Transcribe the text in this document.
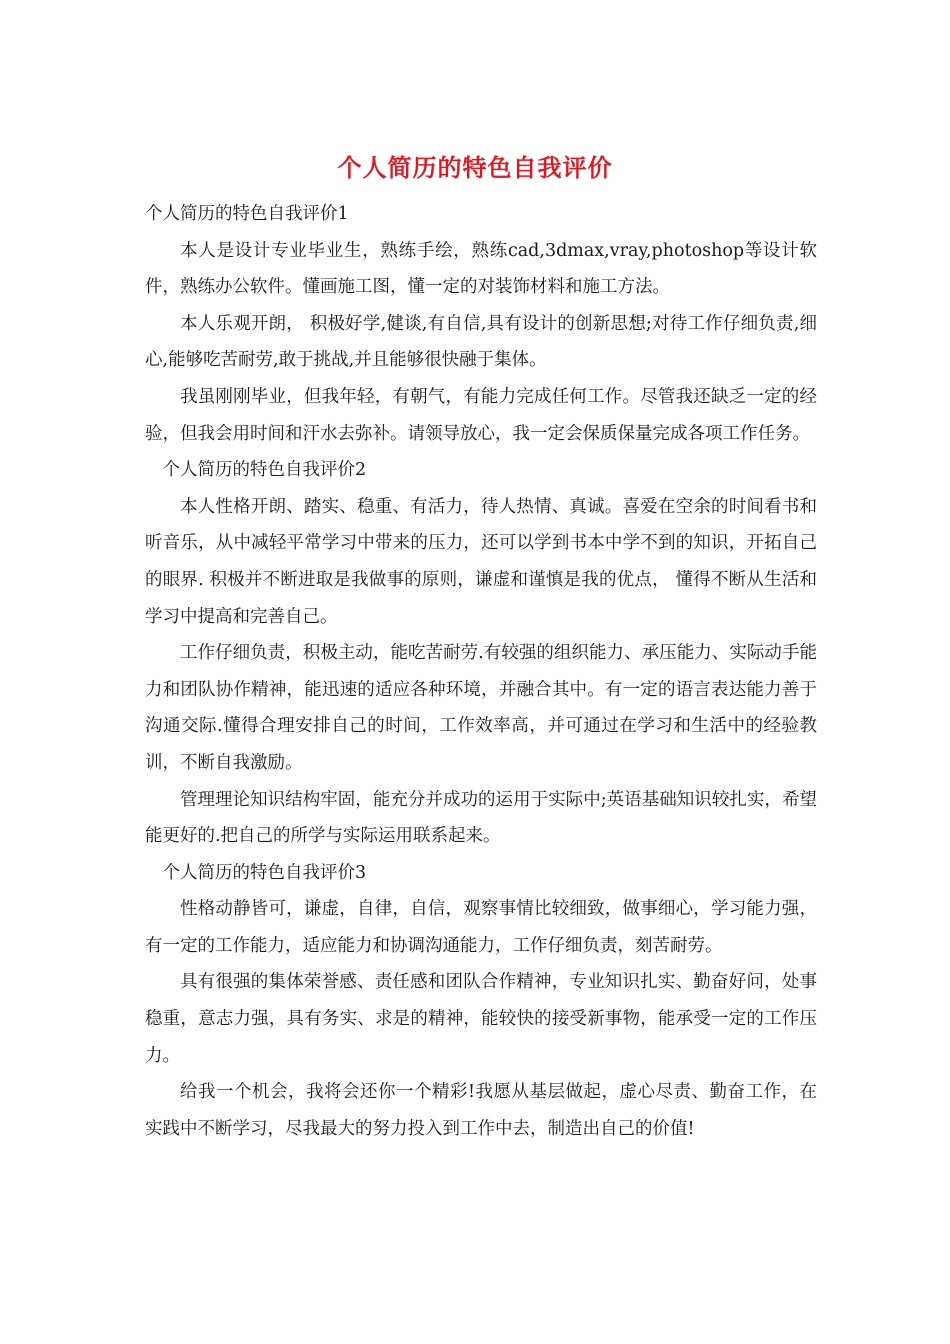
个人简历的特色自我评价

个人简历的特色自我评价1

本人是设计专业毕业生，熟练手绘，熟练cad,3dmax,vray,photoshop等设计软件，熟练办公软件。懂画施工图，懂一定的对装饰材料和施工方法。

本人乐观开朗， 积极好学,健谈,有自信,具有设计的创新思想;对待工作仔细负责,细心,能够吃苦耐劳,敢于挑战,并且能够很快融于集体。

我虽刚刚毕业，但我年轻，有朝气，有能力完成任何工作。尽管我还缺乏一定的经验，但我会用时间和汗水去弥补。请领导放心，我一定会保质保量完成各项工作任务。

个人简历的特色自我评价2

本人性格开朗、踏实、稳重、有活力，待人热情、真诚。喜爱在空余的时间看书和听音乐，从中减轻平常学习中带来的压力，还可以学到书本中学不到的知识，开拓自己的眼界. 积极并不断进取是我做事的原则，谦虚和谨慎是我的优点， 懂得不断从生活和学习中提高和完善自己。

工作仔细负责，积极主动，能吃苦耐劳.有较强的组织能力、承压能力、实际动手能力和团队协作精神，能迅速的适应各种环境，并融合其中。有一定的语言表达能力善于沟通交际.懂得合理安排自己的时间，工作效率高，并可通过在学习和生活中的经验教训，不断自我激励。

管理理论知识结构牢固，能充分并成功的运用于实际中;英语基础知识较扎实，希望能更好的.把自己的所学与实际运用联系起来。

个人简历的特色自我评价3

性格动静皆可，谦虚，自律，自信，观察事情比较细致，做事细心，学习能力强，有一定的工作能力，适应能力和协调沟通能力，工作仔细负责，刻苦耐劳。

具有很强的集体荣誉感、责任感和团队合作精神，专业知识扎实、勤奋好问，处事稳重，意志力强，具有务实、求是的精神，能较快的接受新事物，能承受一定的工作压力。

给我一个机会，我将会还你一个精彩!我愿从基层做起，虚心尽责、勤奋工作，在实践中不断学习，尽我最大的努力投入到工作中去，制造出自己的价值!
